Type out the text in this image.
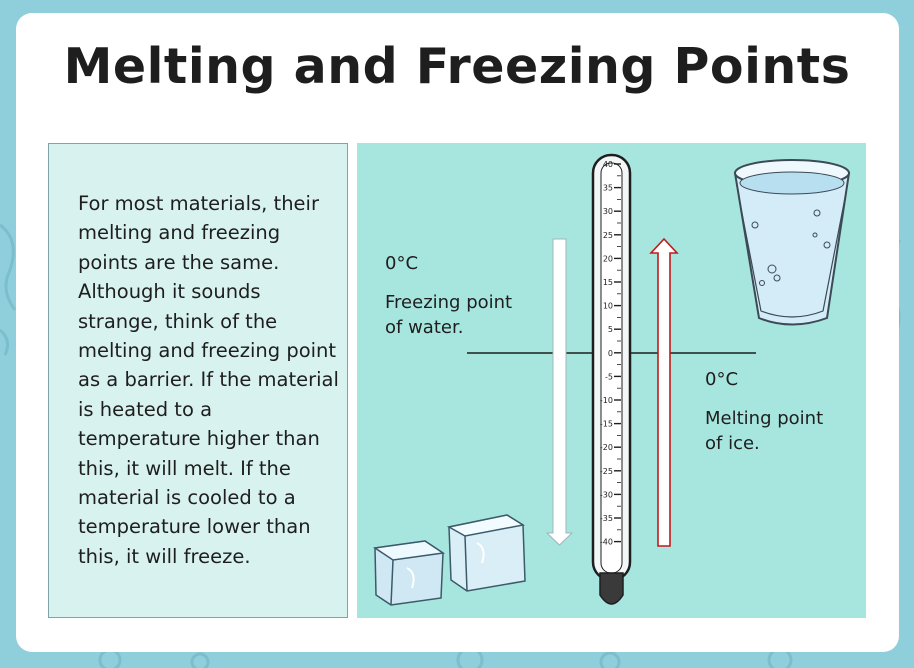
Melting and Freezing Points

For most materials, their melting and freezing points are the same. Although it sounds strange, think of the melting and freezing point as a barrier. If the material is heated to a temperature higher than this, it will melt. If the material is cooled to a temperature lower than this, it will freeze.

40
35
30
25
20
15
10
5
0
-5
-10
-15
-20
-25
-30
-35
-40
0°C
Freezing point
of water.
0°C
Melting point
of ice.
